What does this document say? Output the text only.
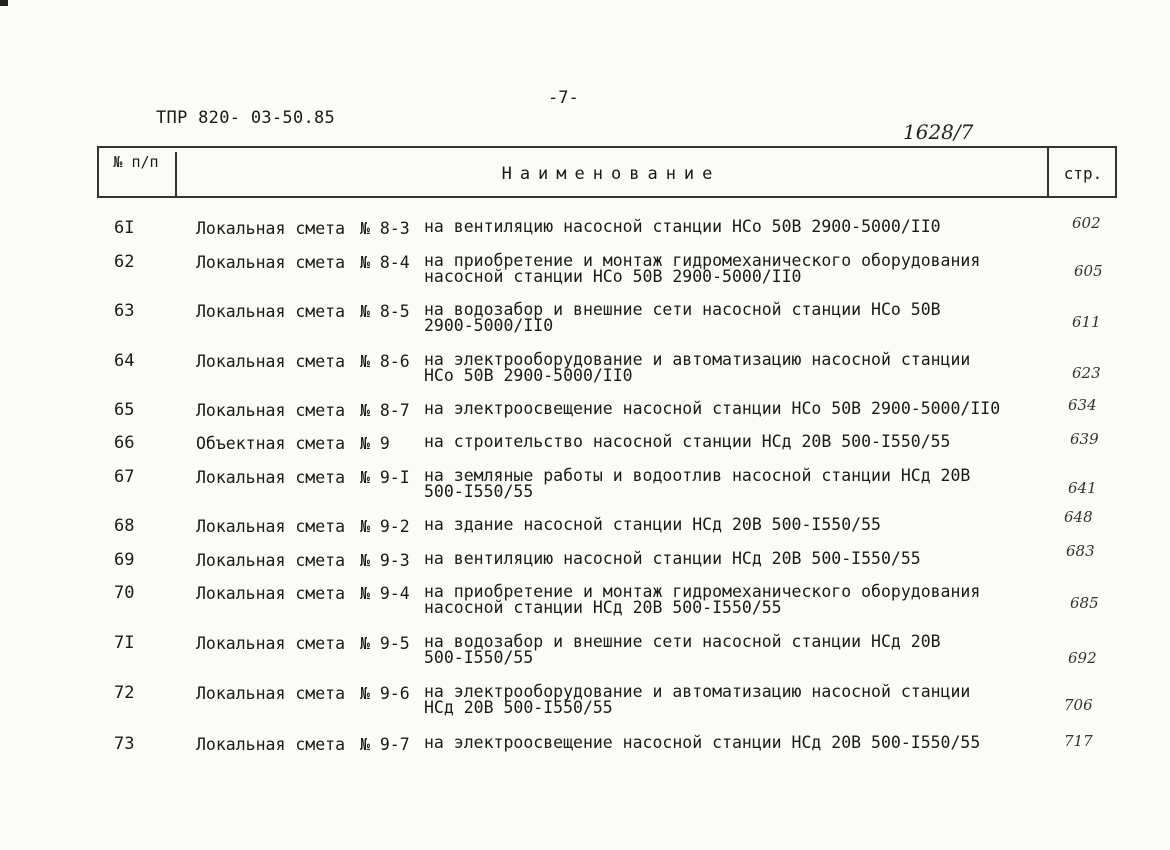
ТПР 820- 03-50.85
-7-
1628/7
№ п/п
Наименование	стр.
6I	Локальная смета № 8-3 на вентиляцию насосной станции НСо 50В 2900-5000/II0	602
62	Локальная смета № 8-4 на приобретение и монтаж гидромеханического оборудования
насосной станции НСо 50В 2900-5000/II0	605
63	Локальная смета № 8-5 на водозабор и внешние сети насосной станции НСо 50В
2900-5000/II0	611
64	Локальная смета № 8-6 на электрооборудование и автоматизацию насосной станции
НСо 50В 2900-5000/II0	623
65	Локальная смета № 8-7 на электроосвещение насосной станции НСо 50В 2900-5000/II0	634
66	Объектная смета № 9 на строительство насосной станции НСд 20В 500-I550/55	639
67	Локальная смета № 9-I на земляные работы и водоотлив насосной станции НСд 20В
500-I550/55	641
68	Локальная смета № 9-2 на здание насосной станции НСд 20В 500-I550/55	648
69	Локальная смета № 9-3 на вентиляцию насосной станции НСд 20В 500-I550/55	683
70	Локальная смета № 9-4 на приобретение и монтаж гидромеханического оборудования
насосной станции НСд 20В 500-I550/55	685
7I	Локальная смета № 9-5 на водозабор и внешние сети насосной станции НСд 20В
500-I550/55	692
72	Локальная смета № 9-6 на электрооборудование и автоматизацию насосной станции
НСд 20В 500-I550/55	706
73	Локальная смета № 9-7 на электроосвещение насосной станции НСд 20В 500-I550/55	717
